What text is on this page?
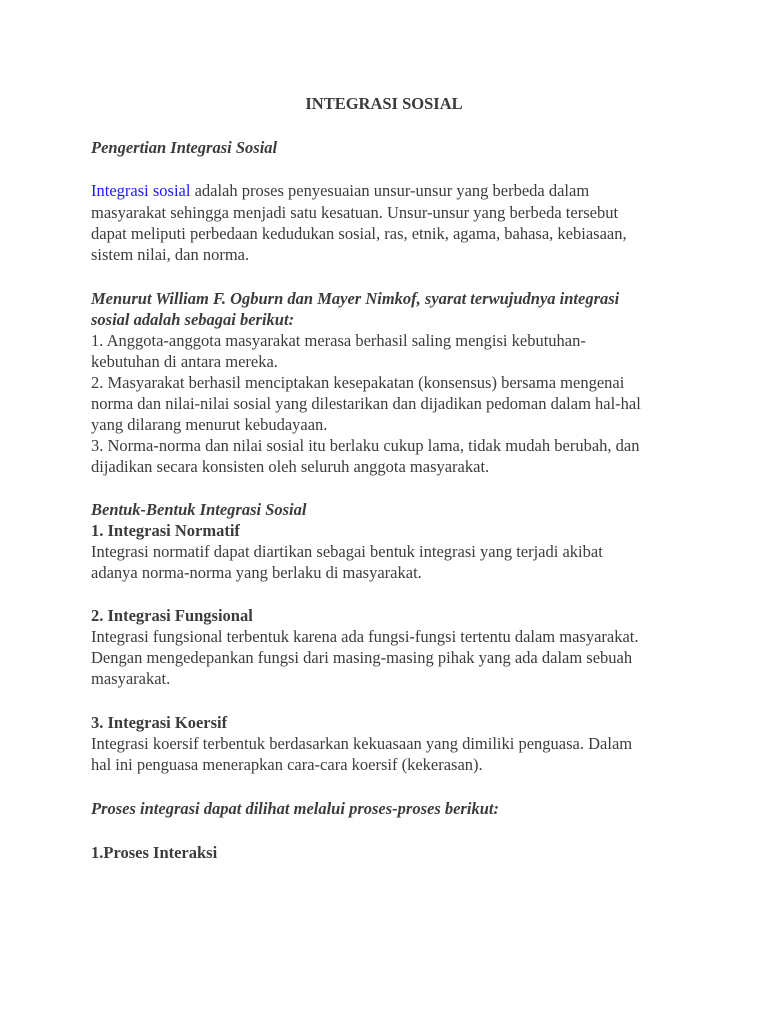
INTEGRASI SOSIAL
Pengertian Integrasi Sosial
Integrasi sosial adalah proses penyesuaian unsur-unsur yang berbeda dalam
masyarakat sehingga menjadi satu kesatuan. Unsur-unsur yang berbeda tersebut
dapat meliputi perbedaan kedudukan sosial, ras, etnik, agama, bahasa, kebiasaan,
sistem nilai, dan norma.
Menurut William F. Ogburn dan Mayer Nimkof, syarat terwujudnya integrasi
sosial adalah sebagai berikut:
1. Anggota-anggota masyarakat merasa berhasil saling mengisi kebutuhan-
kebutuhan di antara mereka.
2. Masyarakat berhasil menciptakan kesepakatan (konsensus) bersama mengenai
norma dan nilai-nilai sosial yang dilestarikan dan dijadikan pedoman dalam hal-hal
yang dilarang menurut kebudayaan.
3. Norma-norma dan nilai sosial itu berlaku cukup lama, tidak mudah berubah, dan
dijadikan secara konsisten oleh seluruh anggota masyarakat.
Bentuk-Bentuk Integrasi Sosial
1. Integrasi Normatif
Integrasi normatif dapat diartikan sebagai bentuk integrasi yang terjadi akibat
adanya norma-norma yang berlaku di masyarakat.
2. Integrasi Fungsional
Integrasi fungsional terbentuk karena ada fungsi-fungsi tertentu dalam masyarakat.
Dengan mengedepankan fungsi dari masing-masing pihak yang ada dalam sebuah
masyarakat.
3. Integrasi Koersif
Integrasi koersif terbentuk berdasarkan kekuasaan yang dimiliki penguasa. Dalam
hal ini penguasa menerapkan cara-cara koersif (kekerasan).
Proses integrasi dapat dilihat melalui proses-proses berikut:
1.Proses Interaksi
